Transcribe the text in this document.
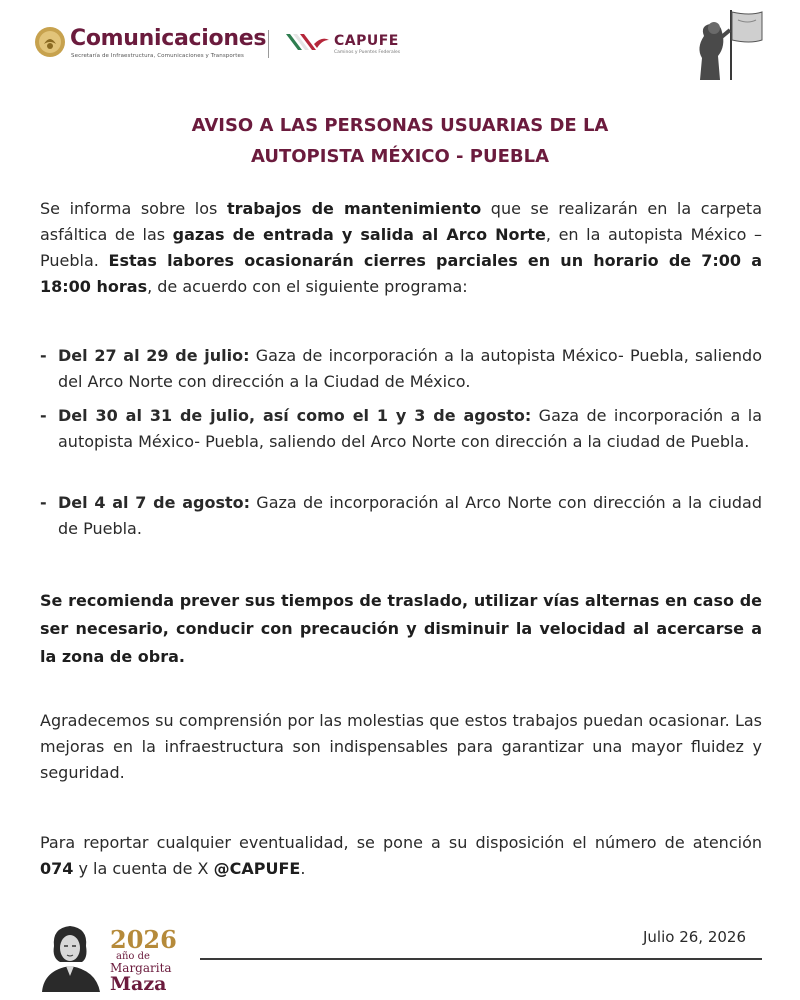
Comunicaciones
Secretaría de Infraestructura, Comunicaciones y Transportes
CAPUFE
Caminos y Puentes Federales
AVISO A LAS PERSONAS USUARIAS DE LA
AUTOPISTA MÉXICO - PUEBLA
Se informa sobre los trabajos de mantenimiento que se realizarán en la carpeta asfáltica de las gazas de entrada y salida al Arco Norte, en la autopista México – Puebla. Estas labores ocasionarán cierres parciales en un horario de 7:00 a 18:00 horas, de acuerdo con el siguiente programa:
- Del 27 al 29 de julio: Gaza de incorporación a la autopista México- Puebla, saliendo del Arco Norte con dirección a la Ciudad de México.
- Del 30 al 31 de julio, así como el 1 y 3 de agosto: Gaza de incorporación a la autopista México- Puebla, saliendo del Arco Norte con dirección a la ciudad de Puebla.
- Del 4 al 7 de agosto: Gaza de incorporación al Arco Norte con dirección a la ciudad de Puebla.
Se recomienda prever sus tiempos de traslado, utilizar vías alternas en caso de ser necesario, conducir con precaución y disminuir la velocidad al acercarse a la zona de obra.
Agradecemos su comprensión por las molestias que estos trabajos puedan ocasionar. Las mejoras en la infraestructura son indispensables para garantizar una mayor fluidez y seguridad.
Para reportar cualquier eventualidad, se pone a su disposición el número de atención 074 y la cuenta de X @CAPUFE.
2026
año de
Margarita
Maza
Julio 26, 2026
